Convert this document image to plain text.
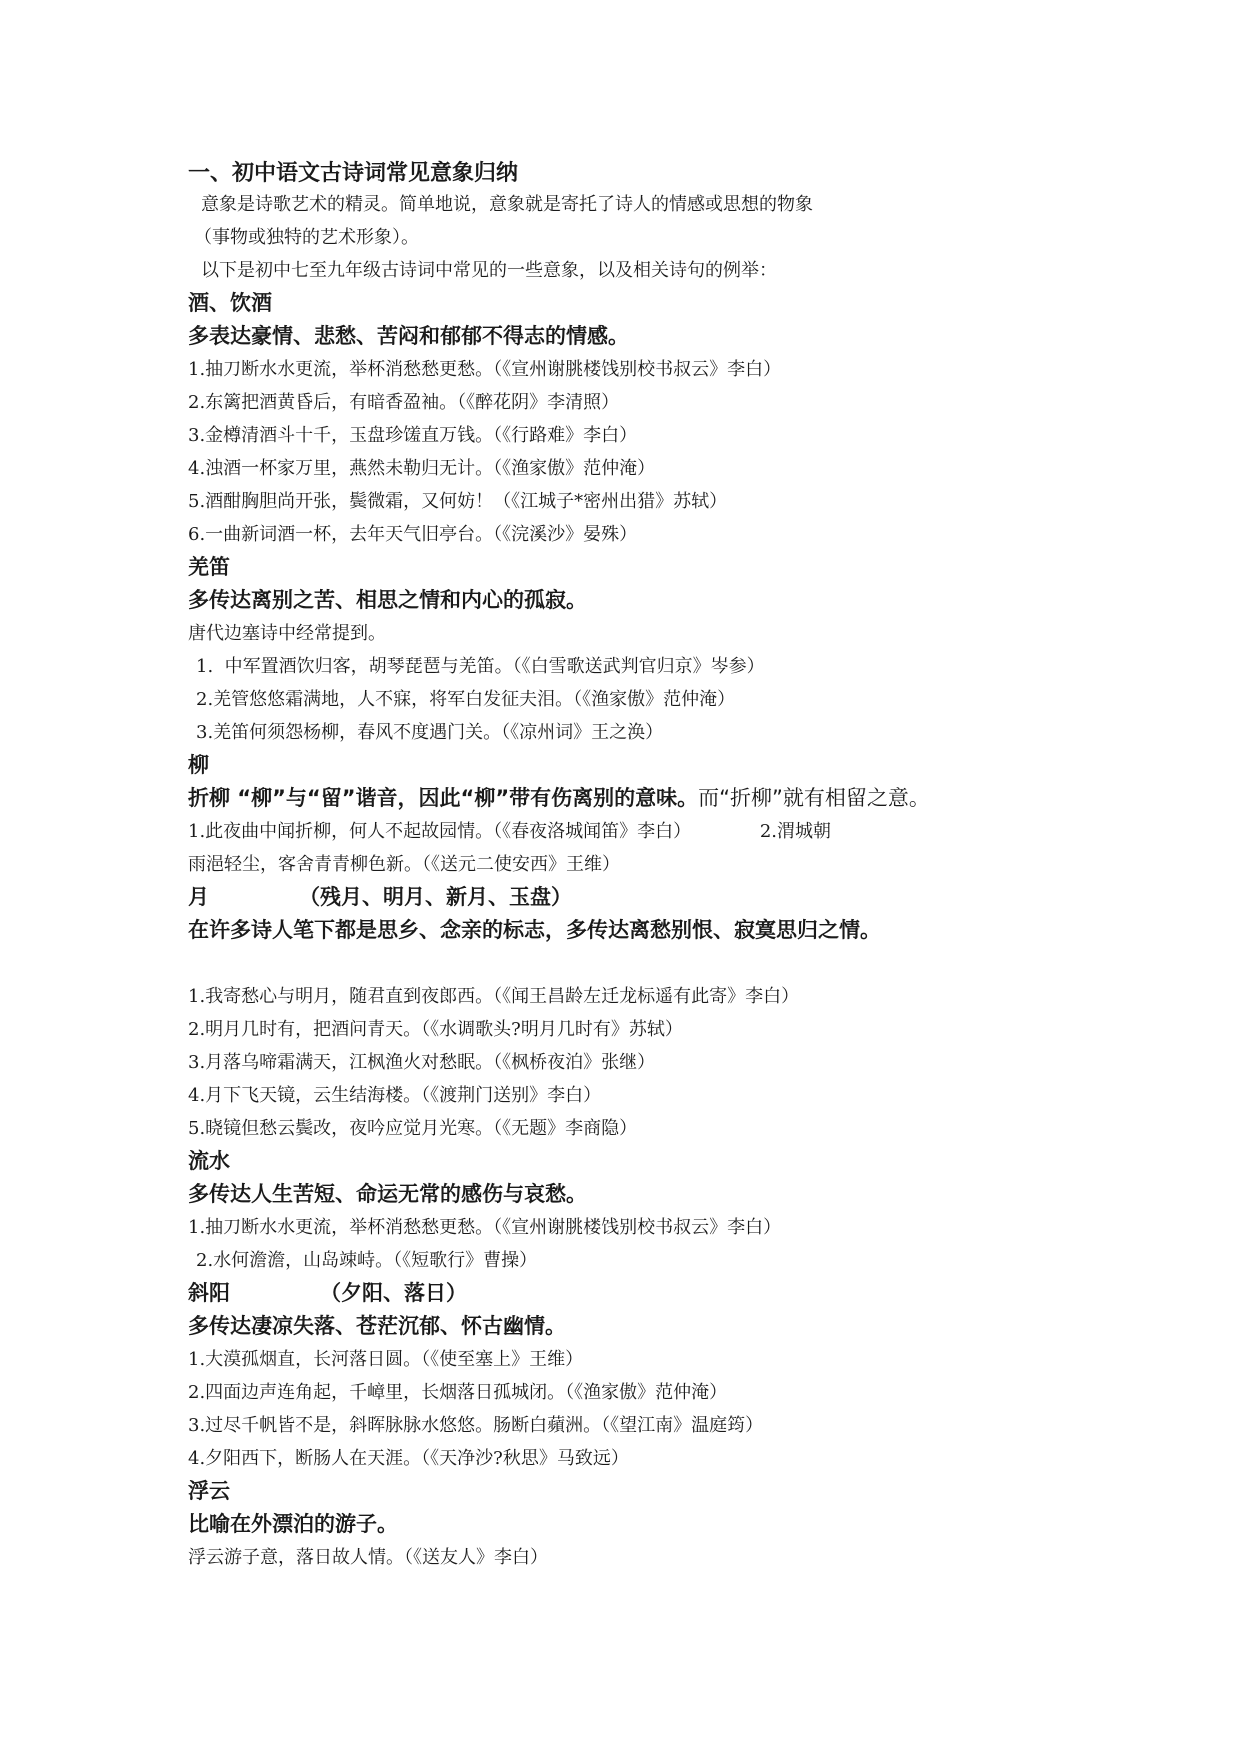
一、初中语文古诗词常见意象归纳

意象是诗歌艺术的精灵。简单地说，意象就是寄托了诗人的情感或思想的物象

（事物或独特的艺术形象）。

以下是初中七至九年级古诗词中常见的一些意象，以及相关诗句的例举：

酒、饮酒

多表达豪情、悲愁、苦闷和郁郁不得志的情感。

1.抽刀断水水更流，举杯消愁愁更愁。（《宣州谢朓楼饯别校书叔云》李白）

2.东篱把酒黄昏后，有暗香盈袖。（《醉花阴》李清照）

3.金樽清酒斗十千，玉盘珍馐直万钱。（《行路难》李白）

4.浊酒一杯家万里，燕然未勒归无计。（《渔家傲》范仲淹）

5.酒酣胸胆尚开张，鬓微霜，又何妨！（《江城子*密州出猎》苏轼）

6.一曲新词酒一杯，去年天气旧亭台。（《浣溪沙》晏殊）

羌笛

多传达离别之苦、相思之情和内心的孤寂。

唐代边塞诗中经常提到。

1.  中军置酒饮归客，胡琴琵琶与羌笛。（《白雪歌送武判官归京》岑参）

2.羌管悠悠霜满地，人不寐，将军白发征夫泪。（《渔家傲》范仲淹）

3.羌笛何须怨杨柳，春风不度遇门关。（《凉州词》王之涣）

柳

折柳 “柳”与“留”谐音，因此“柳”带有伤离别的意味。而“折柳”就有相留之意。

1.此夜曲中闻折柳，何人不起故园情。（《春夜洛城闻笛》李白）	2.渭城朝

雨浥轻尘，客舍青青柳色新。（《送元二使安西》王维）

月	（残月、明月、新月、玉盘）

在许多诗人笔下都是思乡、念亲的标志，多传达离愁别恨、寂寞思归之情。

1.我寄愁心与明月，随君直到夜郎西。（《闻王昌龄左迁龙标遥有此寄》李白）

2.明月几时有，把酒问青天。（《水调歌头?明月几时有》苏轼）

3.月落乌啼霜满天，江枫渔火对愁眠。（《枫桥夜泊》张继）

4.月下飞天镜，云生结海楼。（《渡荆门送别》李白）

5.晓镜但愁云鬓改，夜吟应觉月光寒。（《无题》李商隐）

流水

多传达人生苦短、命运无常的感伤与哀愁。

1.抽刀断水水更流，举杯消愁愁更愁。（《宣州谢朓楼饯别校书叔云》李白）

2.水何澹澹，山岛竦峙。（《短歌行》曹操）

斜阳	（夕阳、落日）

多传达凄凉失落、苍茫沉郁、怀古幽情。

1.大漠孤烟直，长河落日圆。（《使至塞上》王维）

2.四面边声连角起，千嶂里，长烟落日孤城闭。（《渔家傲》范仲淹）

3.过尽千帆皆不是，斜晖脉脉水悠悠。肠断白蘋洲。（《望江南》温庭筠）

4.夕阳西下，断肠人在天涯。（《天净沙?秋思》马致远）

浮云

比喻在外漂泊的游子。

浮云游子意，落日故人情。（《送友人》李白）
